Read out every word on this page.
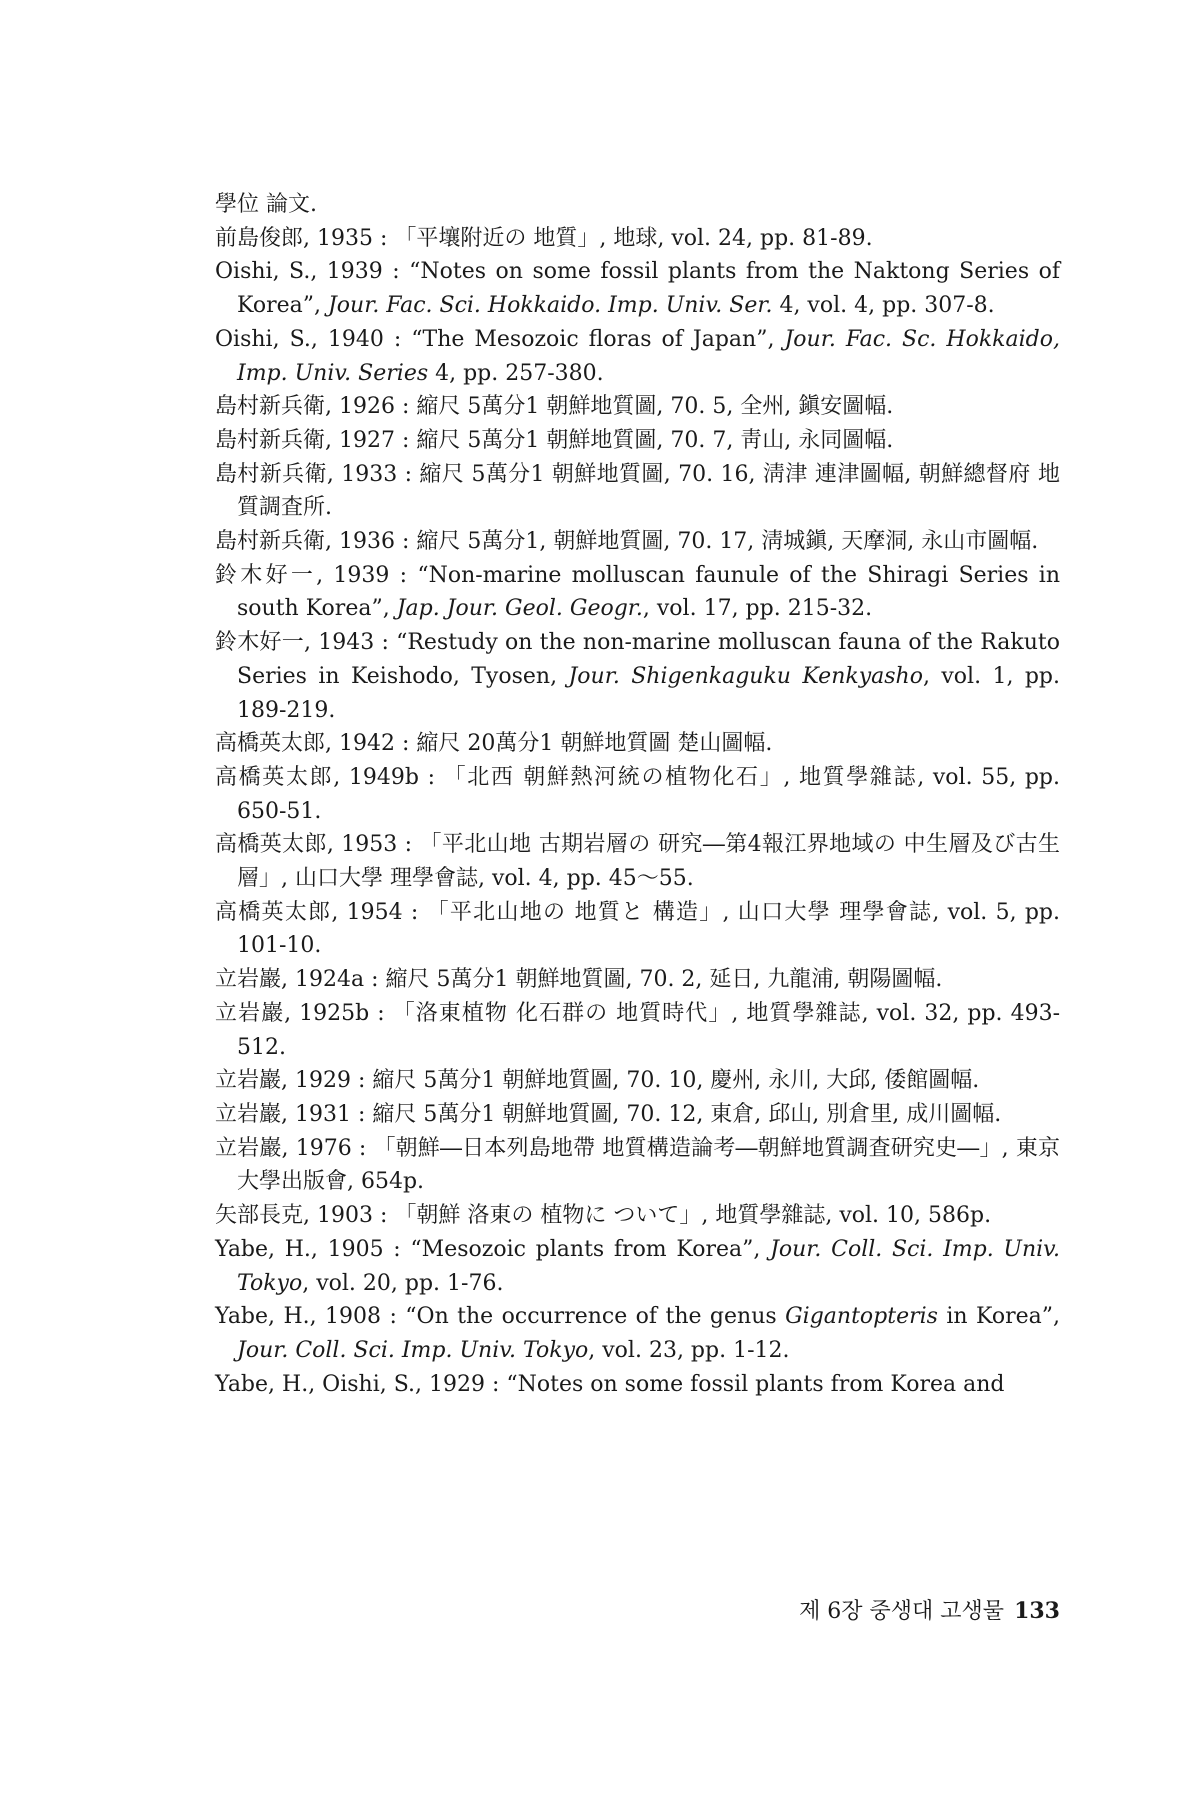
學位 論文.

前島俊郎, 1935 : 「平壤附近の 地質」, 地球, vol. 24, pp. 81-89.

Oishi, S., 1939 : “Notes on some fossil plants from the Naktong Series of Korea”, Jour. Fac. Sci. Hokkaido. Imp. Univ. Ser. 4, vol. 4, pp. 307-8.

Oishi, S., 1940 : “The Mesozoic floras of Japan”, Jour. Fac. Sc. Hokkaido, Imp. Univ. Series 4, pp. 257-380.

島村新兵衛, 1926 : 縮尺 5萬分1 朝鮮地質圖, 70. 5, 全州, 鎭安圖幅.

島村新兵衛, 1927 : 縮尺 5萬分1 朝鮮地質圖, 70. 7, 靑山, 永同圖幅.

島村新兵衛, 1933 : 縮尺 5萬分1 朝鮮地質圖, 70. 16, 淸津 連津圖幅, 朝鮮總督府 地質調査所.

島村新兵衛, 1936 : 縮尺 5萬分1, 朝鮮地質圖, 70. 17, 淸城鎭, 天摩洞, 永山市圖幅.

鈴木好一, 1939 : “Non-marine molluscan faunule of the Shiragi Series in south Korea”, Jap. Jour. Geol. Geogr., vol. 17, pp. 215-32.

鈴木好一, 1943 : “Restudy on the non-marine molluscan fauna of the Rakuto Series in Keishodo, Tyosen, Jour. Shigenkaguku Kenkyasho, vol. 1, pp. 189-219.

高橋英太郎, 1942 : 縮尺 20萬分1 朝鮮地質圖 楚山圖幅.

高橋英太郎, 1949b : 「北西 朝鮮熱河統の植物化石」, 地質學雜誌, vol. 55, pp. 650-51.

高橋英太郎, 1953 : 「平北山地 古期岩層の 研究―第4報江界地域の 中生層及び古生層」, 山口大學 理學會誌, vol. 4, pp. 45～55.

高橋英太郎, 1954 : 「平北山地の 地質と 構造」, 山口大學 理學會誌, vol. 5, pp. 101-10.

立岩巖, 1924a : 縮尺 5萬分1 朝鮮地質圖, 70. 2, 延日, 九龍浦, 朝陽圖幅.

立岩巖, 1925b : 「洛東植物 化石群の 地質時代」, 地質學雜誌, vol. 32, pp. 493-512.

立岩巖, 1929 : 縮尺 5萬分1 朝鮮地質圖, 70. 10, 慶州, 永川, 大邱, 倭館圖幅.

立岩巖, 1931 : 縮尺 5萬分1 朝鮮地質圖, 70. 12, 東倉, 邱山, 別倉里, 成川圖幅.

立岩巖, 1976 : 「朝鮮―日本列島地帶 地質構造論考―朝鮮地質調査研究史―」, 東京大學出版會, 654p.

矢部長克, 1903 : 「朝鮮 洛東の 植物に ついて」, 地質學雜誌, vol. 10, 586p.

Yabe, H., 1905 : “Mesozoic plants from Korea”, Jour. Coll. Sci. Imp. Univ. Tokyo, vol. 20, pp. 1-76.

Yabe, H., 1908 : “On the occurrence of the genus Gigantopteris in Korea”, Jour. Coll. Sci. Imp. Univ. Tokyo, vol. 23, pp. 1-12.

Yabe, H., Oishi, S., 1929 : “Notes on some fossil plants from Korea and

제 6장 중생대 고생물 133
